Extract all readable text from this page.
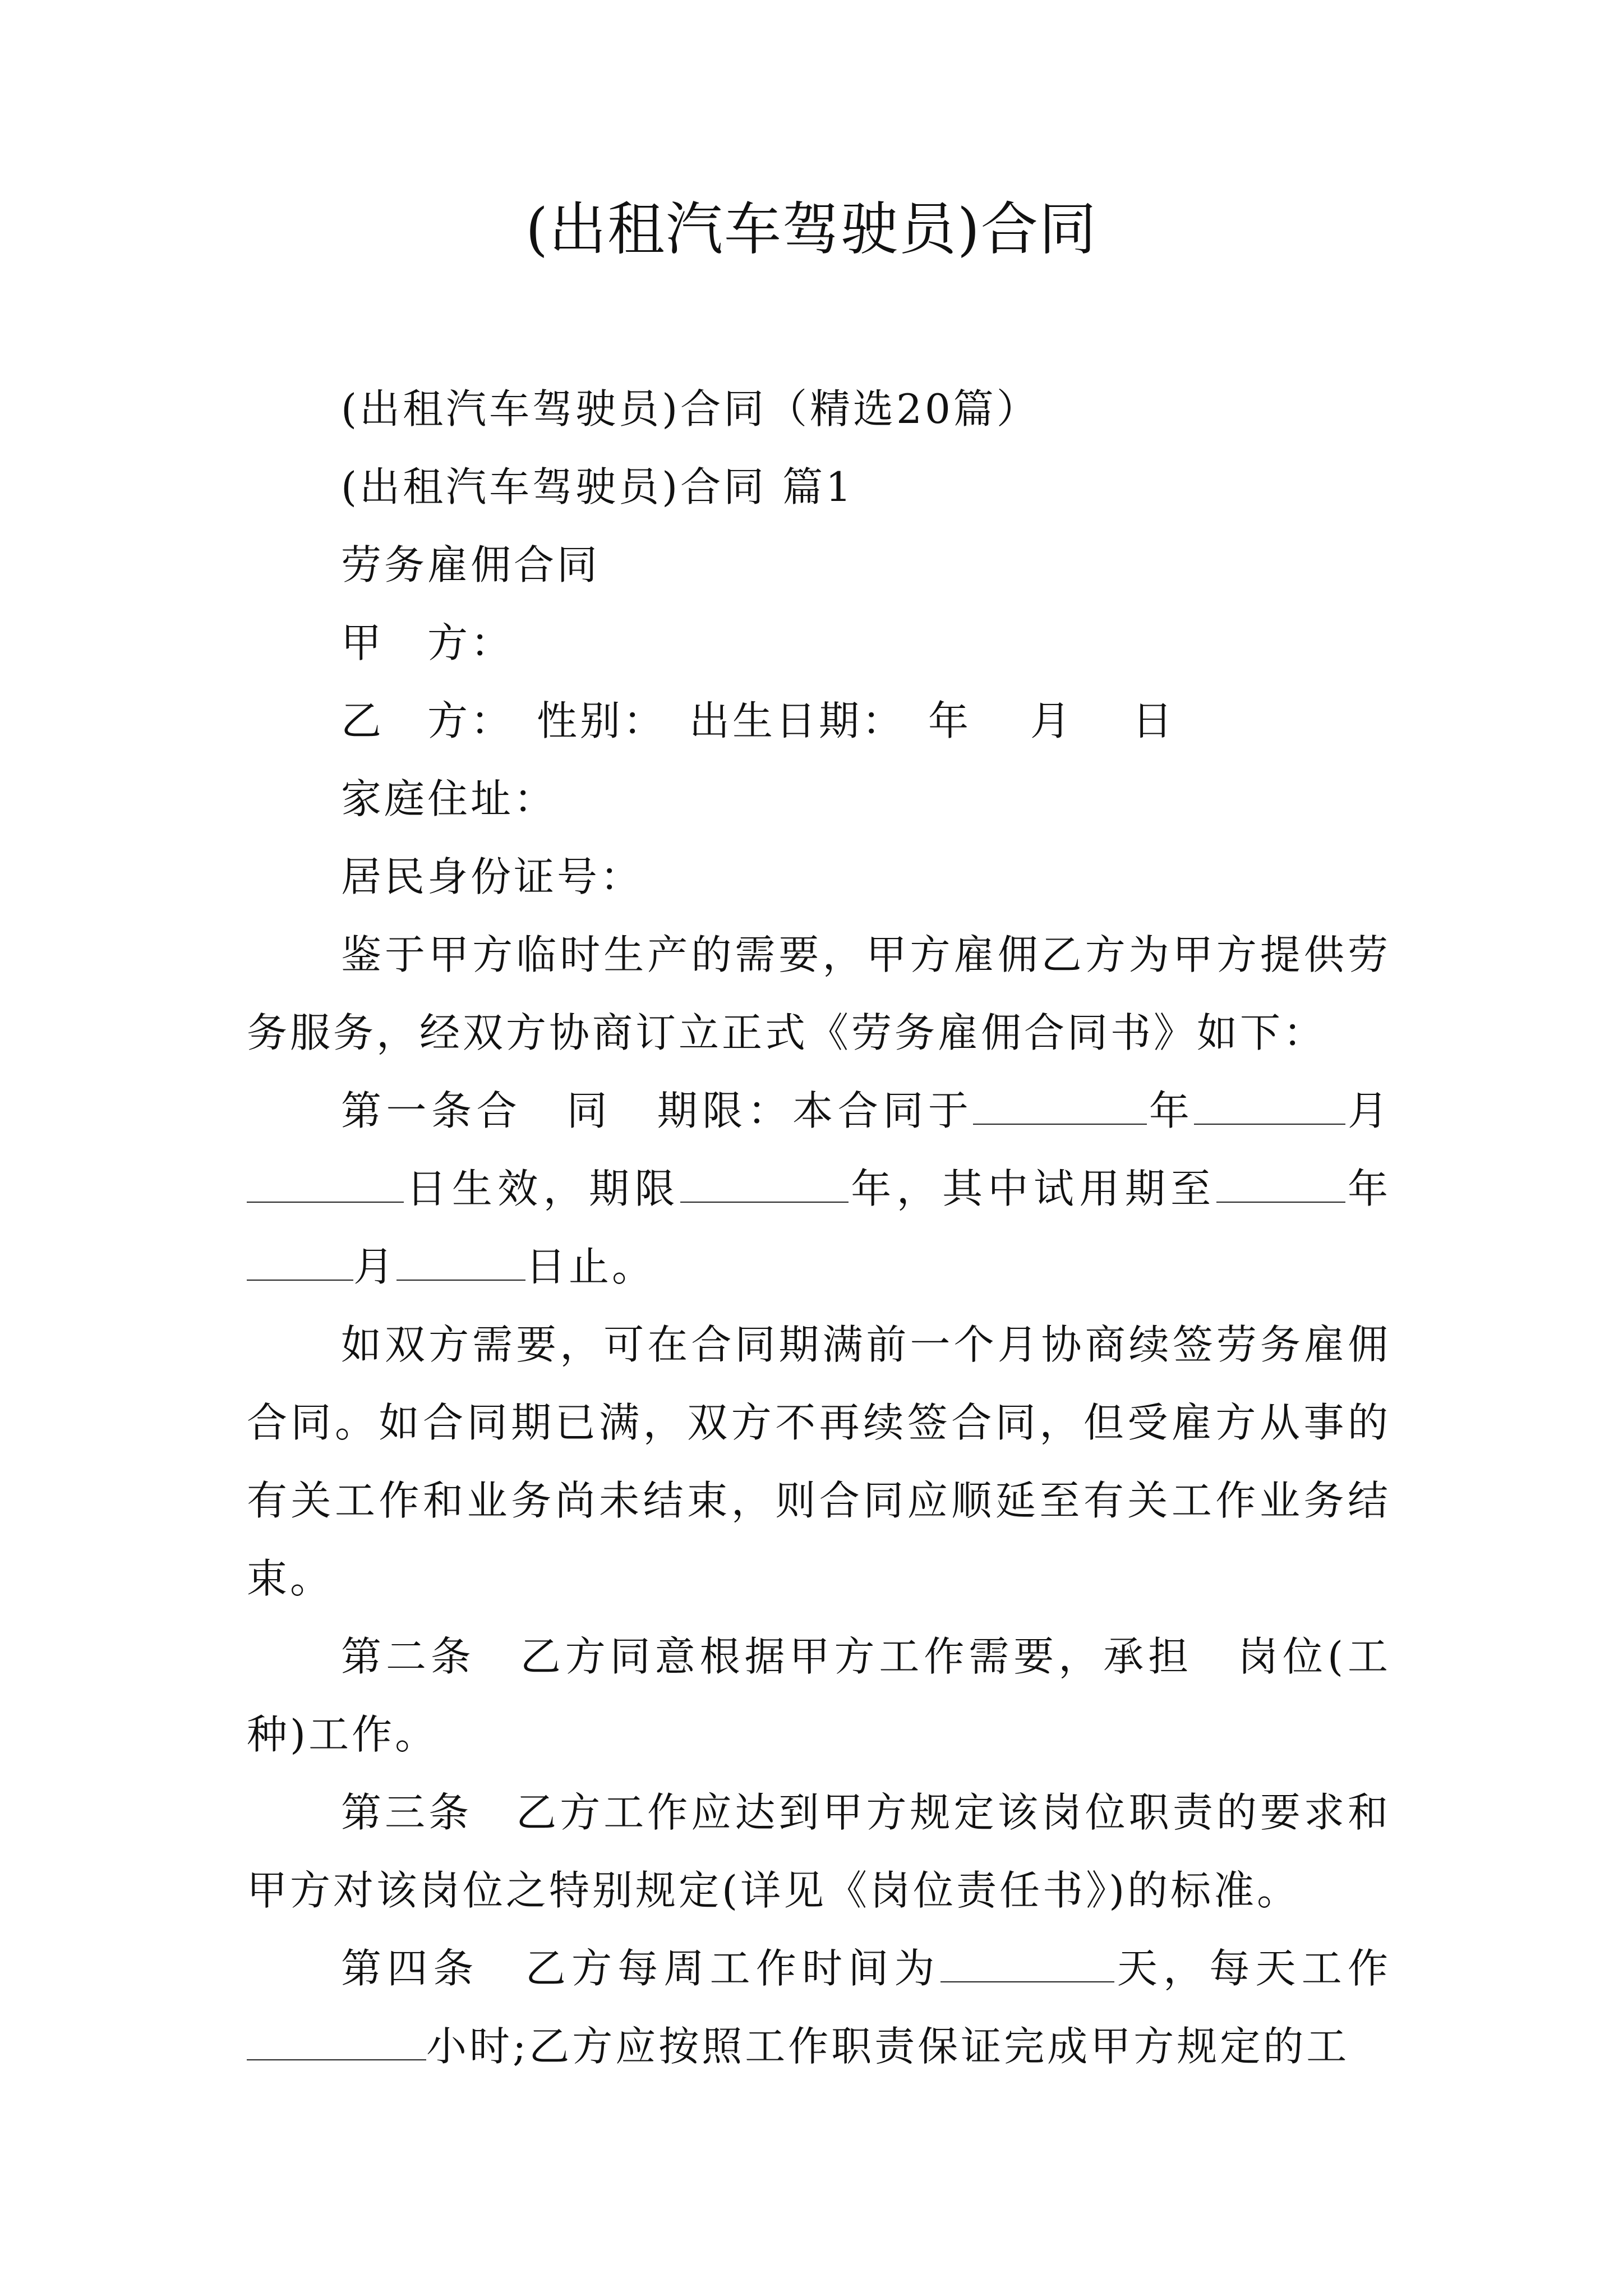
(出租汽车驾驶员)合同
(出租汽车驾驶员)合同（精选20篇）
(出租汽车驾驶员)合同 篇1
劳务雇佣合同
甲　方：
乙　方：　性别：　出生日期：　年　 月　 日
家庭住址：
居民身份证号：
鉴于甲方临时生产的需要，甲方雇佣乙方为甲方提供劳务服务，经双方协商订立正式《劳务雇佣合同书》如下：
第一条合　同　期限：本合同于	年	月日生效，期限	年，其中试用期至	年月	日止。
如双方需要，可在合同期满前一个月协商续签劳务雇佣合同。如合同期已满，双方不再续签合同，但受雇方从事的有关工作和业务尚未结束，则合同应顺延至有关工作业务结束。
第二条　乙方同意根据甲方工作需要，承担　岗位(工种)工作。
第三条　乙方工作应达到甲方规定该岗位职责的要求和甲方对该岗位之特别规定(详见《岗位责任书》)的标准。
第四条　乙方每周工作时间为	天，每天工作小时;乙方应按照工作职责保证完成甲方规定的工
